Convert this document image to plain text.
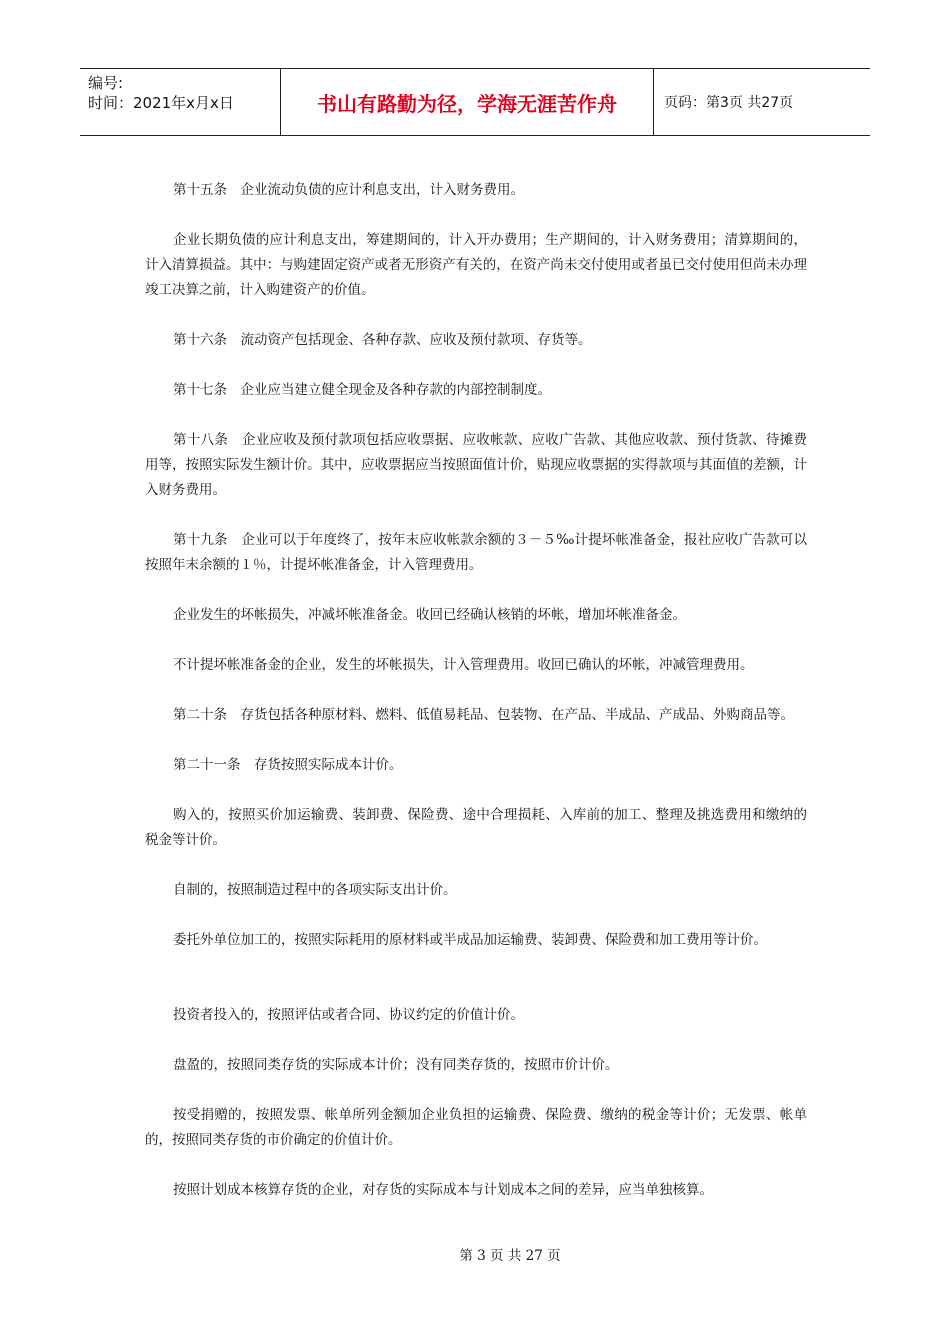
编号:
时间：2021年x月x日	书山有路勤为径，学海无涯苦作舟	页码：第3页 共27页

第十五条　企业流动负债的应计利息支出，计入财务费用。

企业长期负债的应计利息支出，筹建期间的，计入开办费用；生产期间的，计入财务费用；清算期间的，计入清算损益。其中：与购建固定资产或者无形资产有关的，在资产尚未交付使用或者虽已交付使用但尚未办理竣工决算之前，计入购建资产的价值。

第十六条　流动资产包括现金、各种存款、应收及预付款项、存货等。

第十七条　企业应当建立健全现金及各种存款的内部控制制度。

第十八条　企业应收及预付款项包括应收票据、应收帐款、应收广告款、其他应收款、预付货款、待摊费用等，按照实际发生额计价。其中，应收票据应当按照面值计价，贴现应收票据的实得款项与其面值的差额，计入财务费用。

第十九条　企业可以于年度终了，按年末应收帐款余额的３－５‰计提坏帐准备金，报社应收广告款可以按照年末余额的１％，计提坏帐准备金，计入管理费用。

企业发生的坏帐损失，冲减坏帐准备金。收回已经确认核销的坏帐，增加坏帐准备金。

不计提坏帐准备金的企业，发生的坏帐损失，计入管理费用。收回已确认的坏帐，冲减管理费用。

第二十条　存货包括各种原材料、燃料、低值易耗品、包装物、在产品、半成品、产成品、外购商品等。

第二十一条　存货按照实际成本计价。

购入的，按照买价加运输费、装卸费、保险费、途中合理损耗、入库前的加工、整理及挑选费用和缴纳的税金等计价。

自制的，按照制造过程中的各项实际支出计价。

委托外单位加工的，按照实际耗用的原材料或半成品加运输费、装卸费、保险费和加工费用等计价。

投资者投入的，按照评估或者合同、协议约定的价值计价。

盘盈的，按照同类存货的实际成本计价；没有同类存货的，按照市价计价。

按受捐赠的，按照发票、帐单所列金额加企业负担的运输费、保险费、缴纳的税金等计价；无发票、帐单的，按照同类存货的市价确定的价值计价。

按照计划成本核算存货的企业，对存货的实际成本与计划成本之间的差异，应当单独核算。

第 3 页 共 27 页
